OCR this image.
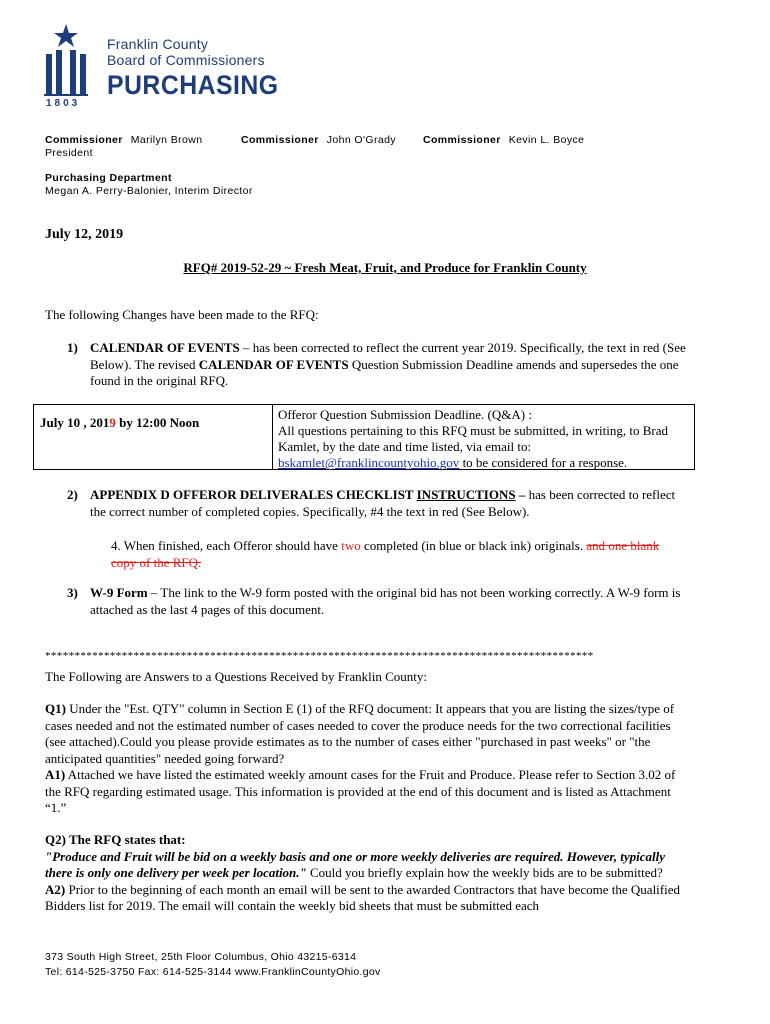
Franklin County
Board of Commissioners
PURCHASING
1803
Commissioner Marilyn Brown	Commissioner John O'Grady	Commissioner Kevin L. Boyce
President
Purchasing Department
Megan A. Perry-Balonier, Interim Director
July 12, 2019
RFQ# 2019-52-29 ~ Fresh Meat, Fruit, and Produce for Franklin County
The following Changes have been made to the RFQ:
1) CALENDAR OF EVENTS – has been corrected to reflect the current year 2019. Specifically, the text in red (See Below). The revised CALENDAR OF EVENTS Question Submission Deadline amends and supersedes the one found in the original RFQ.
July 10 , 2019 by 12:00 Noon
Offeror Question Submission Deadline. (Q&A) :
All questions pertaining to this RFQ must be submitted, in writing, to Brad Kamlet, by the date and time listed, via email to: bskamlet@franklincountyohio.gov to be considered for a response.
2) APPENDIX D OFFEROR DELIVERALES CHECKLIST INSTRUCTIONS – has been corrected to reflect the correct number of completed copies. Specifically, #4 the text in red (See Below).
4. When finished, each Offeror should have two completed (in blue or black ink) originals. and one blank copy of the RFQ.
3) W-9 Form – The link to the W-9 form posted with the original bid has not been working correctly. A W-9 form is attached as the last 4 pages of this document.
*********************************************************************************************
The Following are Answers to a Questions Received by Franklin County:
Q1) Under the "Est. QTY" column in Section E (1) of the RFQ document: It appears that you are listing the sizes/type of cases needed and not the estimated number of cases needed to cover the produce needs for the two correctional facilities (see attached).Could you please provide estimates as to the number of cases either "purchased in past weeks" or "the anticipated quantities" needed going forward?
A1) Attached we have listed the estimated weekly amount cases for the Fruit and Produce. Please refer to Section 3.02 of the RFQ regarding estimated usage. This information is provided at the end of this document and is listed as Attachment “1.”
Q2) The RFQ states that:
"Produce and Fruit will be bid on a weekly basis and one or more weekly deliveries are required. However, typically there is only one delivery per week per location." Could you briefly explain how the weekly bids are to be submitted?
A2) Prior to the beginning of each month an email will be sent to the awarded Contractors that have become the Qualified Bidders list for 2019. The email will contain the weekly bid sheets that must be submitted each
373 South High Street, 25th Floor Columbus, Ohio 43215-6314
Tel: 614-525-3750 Fax: 614-525-3144 www.FranklinCountyOhio.gov
